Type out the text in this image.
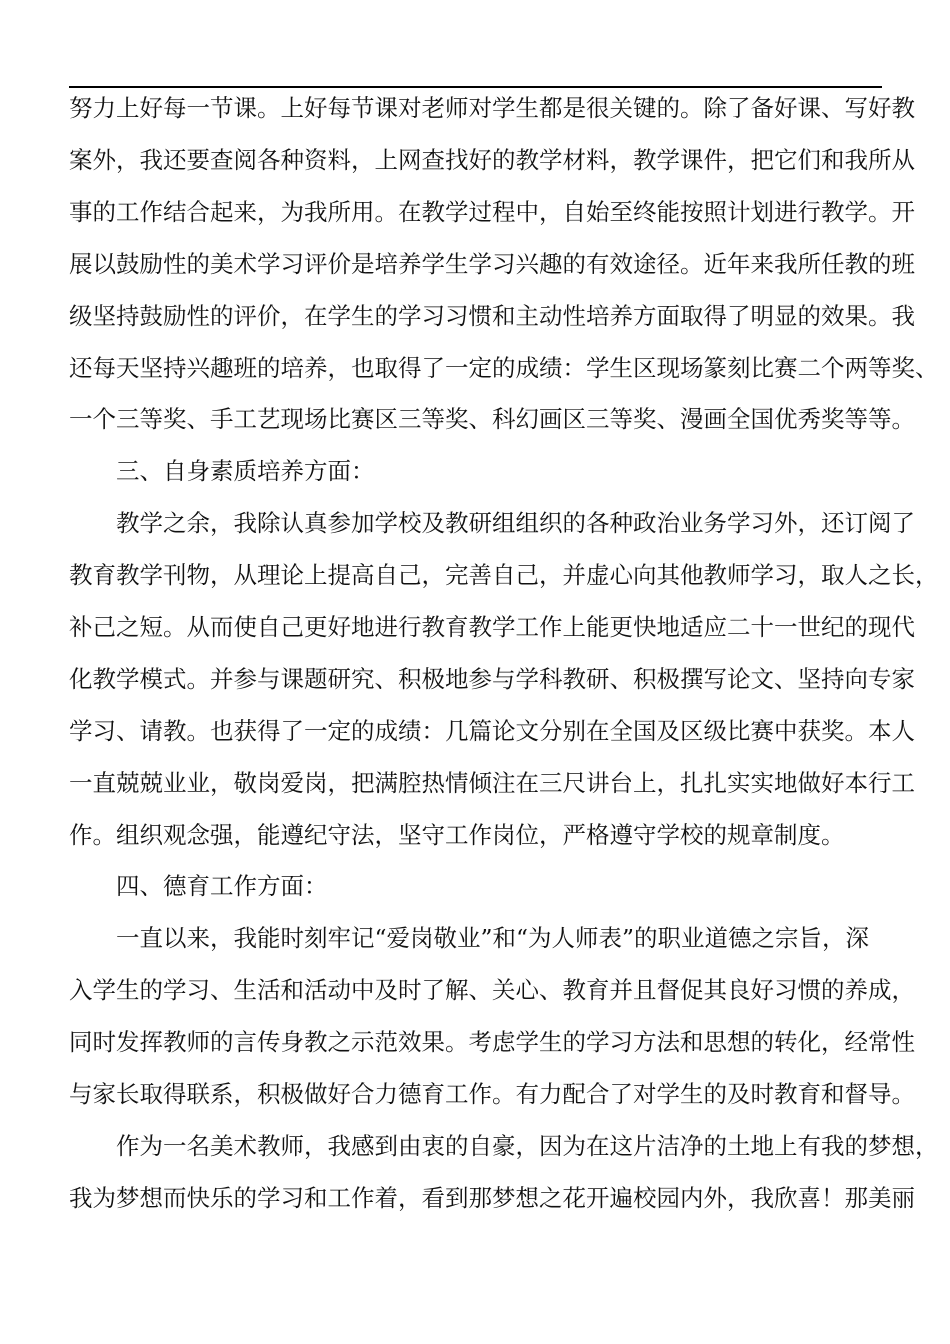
努力上好每一节课。上好每节课对老师对学生都是很关键的。除了备好课、写好教
案外，我还要查阅各种资料，上网查找好的教学材料，教学课件，把它们和我所从
事的工作结合起来，为我所用。在教学过程中，自始至终能按照计划进行教学。开
展以鼓励性的美术学习评价是培养学生学习兴趣的有效途径。近年来我所任教的班
级坚持鼓励性的评价，在学生的学习习惯和主动性培养方面取得了明显的效果。我
还每天坚持兴趣班的培养，也取得了一定的成绩：学生区现场篆刻比赛二个两等奖、
一个三等奖、手工艺现场比赛区三等奖、科幻画区三等奖、漫画全国优秀奖等等。
三、自身素质培养方面：
教学之余，我除认真参加学校及教研组组织的各种政治业务学习外，还订阅了
教育教学刊物，从理论上提高自己，完善自己，并虚心向其他教师学习，取人之长，
补己之短。从而使自己更好地进行教育教学工作上能更快地适应二十一世纪的现代
化教学模式。并参与课题研究、积极地参与学科教研、积极撰写论文、坚持向专家
学习、请教。也获得了一定的成绩：几篇论文分别在全国及区级比赛中获奖。本人
一直兢兢业业，敬岗爱岗，把满腔热情倾注在三尺讲台上，扎扎实实地做好本行工
作。组织观念强，能遵纪守法，坚守工作岗位，严格遵守学校的规章制度。
四、德育工作方面：
一直以来，我能时刻牢记“爱岗敬业”和“为人师表”的职业道德之宗旨，深
入学生的学习、生活和活动中及时了解、关心、教育并且督促其良好习惯的养成，
同时发挥教师的言传身教之示范效果。考虑学生的学习方法和思想的转化，经常性
与家长取得联系，积极做好合力德育工作。有力配合了对学生的及时教育和督导。
作为一名美术教师，我感到由衷的自豪，因为在这片洁净的土地上有我的梦想，
我为梦想而快乐的学习和工作着，看到那梦想之花开遍校园内外，我欣喜！那美丽
